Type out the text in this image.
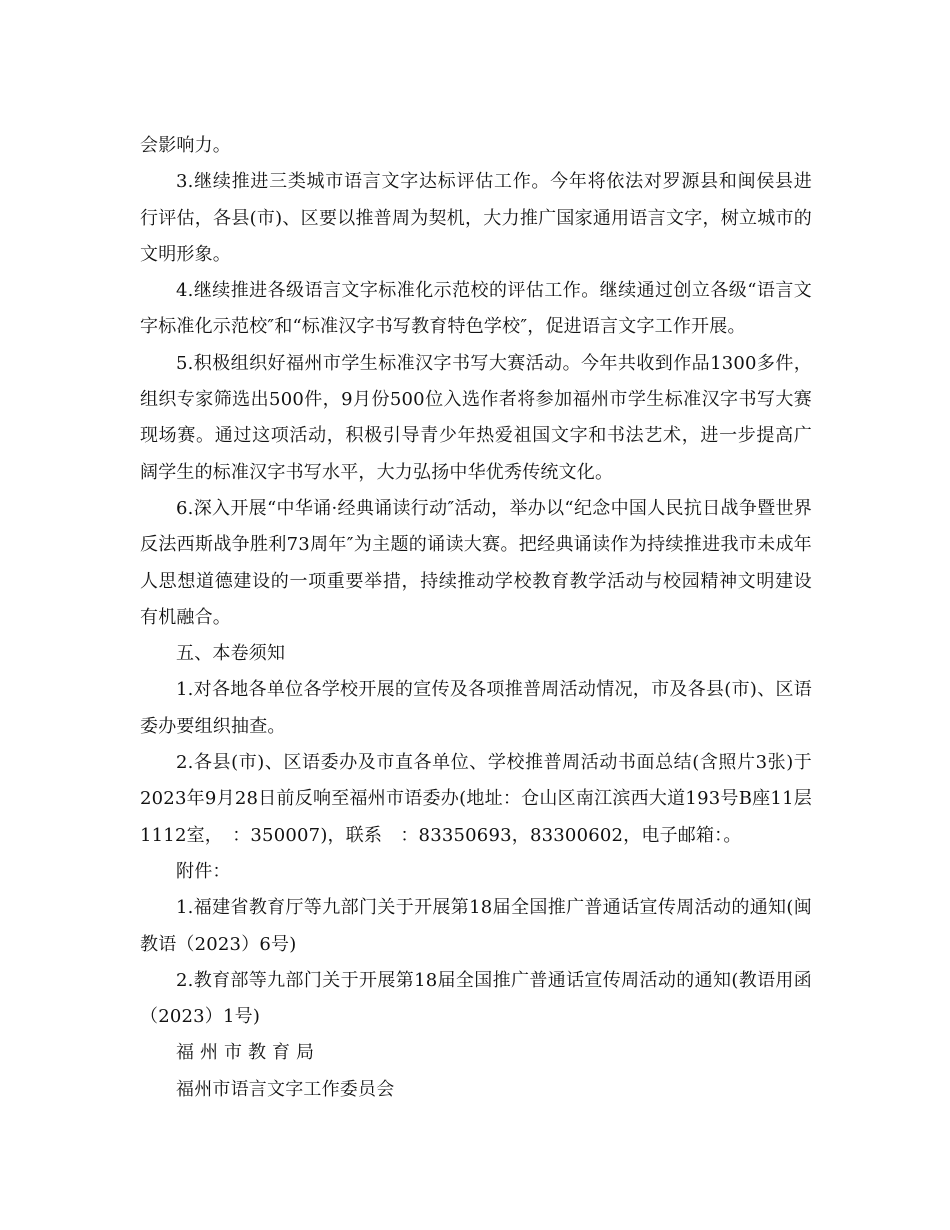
会影响力。

3.继续推进三类城市语言文字达标评估工作。今年将依法对罗源县和闽侯县进行评估，各县(市)、区要以推普周为契机，大力推广国家通用语言文字，树立城市的文明形象。

4.继续推进各级语言文字标准化示范校的评估工作。继续通过创立各级“语言文字标准化示范校″和“标准汉字书写教育特色学校″，促进语言文字工作开展。

5.积极组织好福州市学生标准汉字书写大赛活动。今年共收到作品1300多件，组织专家筛选出500件，9月份500位入选作者将参加福州市学生标准汉字书写大赛现场赛。通过这项活动，积极引导青少年热爱祖国文字和书法艺术，进一步提高广阔学生的标准汉字书写水平，大力弘扬中华优秀传统文化。

6.深入开展“中华诵·经典诵读行动″活动，举办以“纪念中国人民抗日战争暨世界反法西斯战争胜利73周年″为主题的诵读大赛。把经典诵读作为持续推进我市未成年人思想道德建设的一项重要举措，持续推动学校教育教学活动与校园精神文明建设有机融合。

五、本卷须知

1.对各地各单位各学校开展的宣传及各项推普周活动情况，市及各县(市)、区语委办要组织抽查。

2.各县(市)、区语委办及市直各单位、学校推普周活动书面总结(含照片3张)于2023年9月28日前反响至福州市语委办(地址：仓山区南江滨西大道193号B座11层1112室，　：350007)，联系　：83350693，83300602，电子邮箱：。

附件：

1.福建省教育厅等九部门关于开展第18届全国推广普通话宣传周活动的通知(闽教语（2023）6号)

2.教育部等九部门关于开展第18届全国推广普通话宣传周活动的通知(教语用函（2023）1号)

福州市教育局

福州市语言文字工作委员会
